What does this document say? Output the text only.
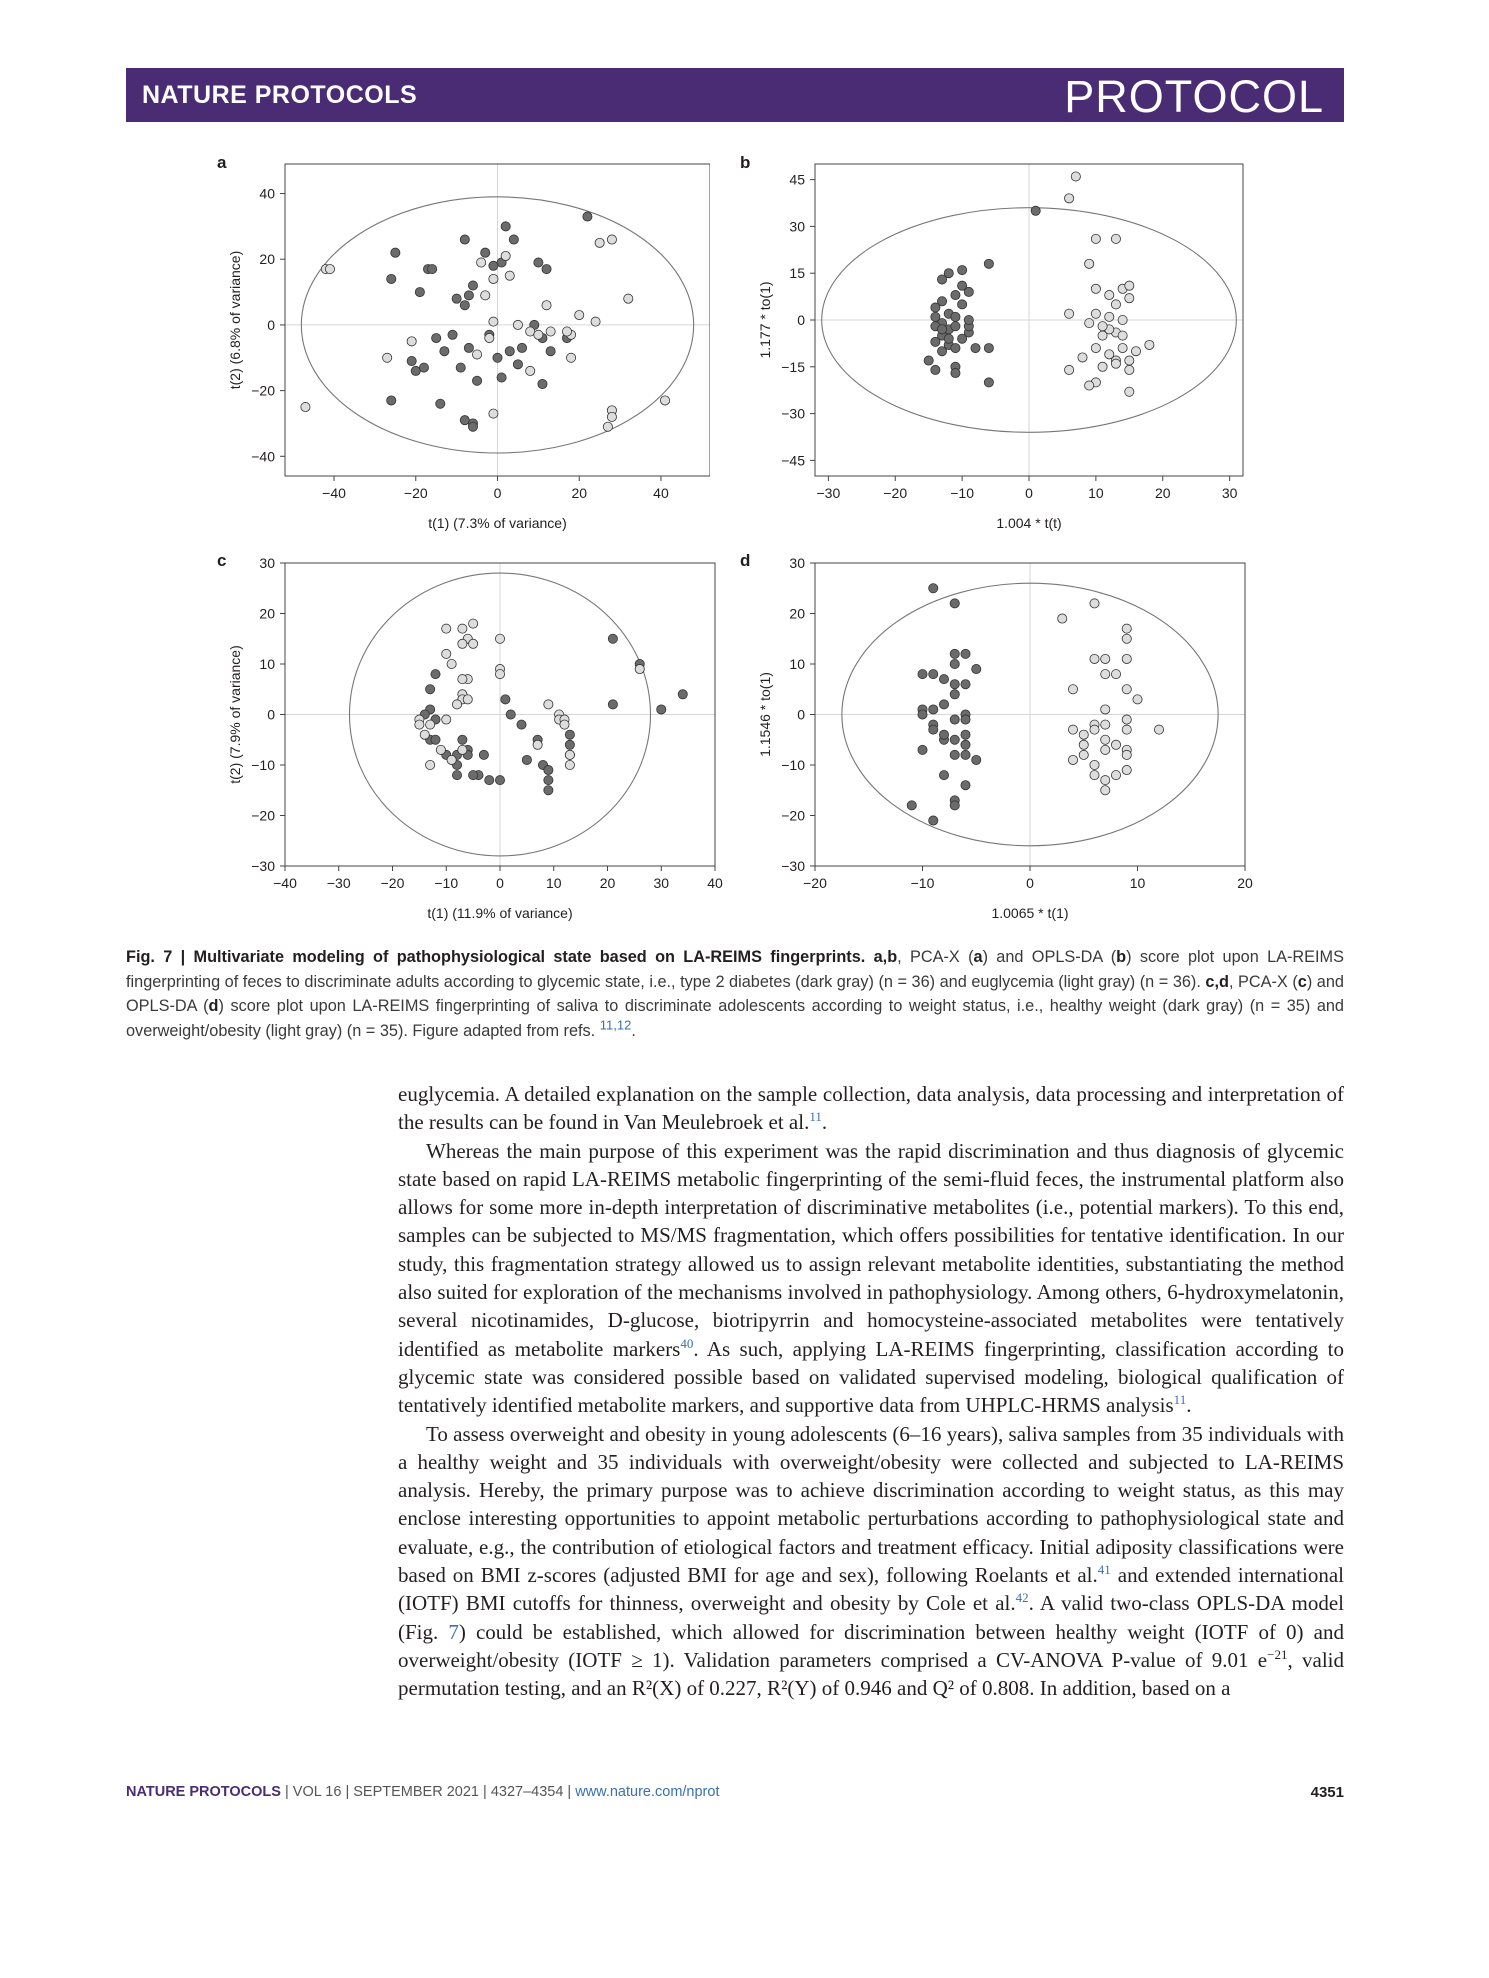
NATURE PROTOCOLS	PROTOCOL
a
−40	−20	0	20	40
−40
−20
0
20
40
t(1) (7.3% of variance)
t(2) (6.8% of variance)
b
−30	−20	−10	0	10	20	30
−45
−30
−15
0
15
30
45
1.004 * t(t)
1.177 * to(1)
c
−40 −30 −20 −10	0	10	20	30	40
−30
−20
−10
0
10
20
30
t(1) (11.9% of variance)
t(2) (7.9% of variance)
d
−20	−10	0	10	20
−30
−20
−10
0
10
20
30
1.0065 * t(1)
1.1546 * to(1)
Fig. 7 | Multivariate modeling of pathophysiological state based on LA-REIMS fingerprints. a,b, PCA-X (a) and OPLS-DA (b) score plot upon LA-REIMS fingerprinting of feces to discriminate adults according to glycemic state, i.e., type 2 diabetes (dark gray) (n = 36) and euglycemia (light gray) (n = 36). c,d, PCA-X (c) and OPLS-DA (d) score plot upon LA-REIMS fingerprinting of saliva to discriminate adolescents according to weight status, i.e., healthy weight (dark gray) (n = 35) and overweight/obesity (light gray) (n = 35). Figure adapted from refs. $^{11,12}$.

euglycemia. A detailed explanation on the sample collection, data analysis, data processing and interpretation of the results can be found in Van Meulebroek et al.$^{11}$.

Whereas the main purpose of this experiment was the rapid discrimination and thus diagnosis of glycemic state based on rapid LA-REIMS metabolic fingerprinting of the semi-fluid feces, the instrumental platform also allows for some more in-depth interpretation of discriminative metabolites (i.e., potential markers). To this end, samples can be subjected to MS/MS fragmentation, which offers possibilities for tentative identification. In our study, this fragmentation strategy allowed us to assign relevant metabolite identities, substantiating the method also suited for exploration of the mechanisms involved in pathophysiology. Among others, 6-hydroxymelatonin, several nicotinamides, D-glucose, biotripyrrin and homocysteine-associated metabolites were tentatively identified as metabolite markers$^{40}$. As such, applying LA-REIMS fingerprinting, classification according to glycemic state was considered possible based on validated supervised modeling, biological qualification of tentatively identified metabolite markers, and supportive data from UHPLC-HRMS analysis$^{11}$.

To assess overweight and obesity in young adolescents (6–16 years), saliva samples from 35 individuals with a healthy weight and 35 individuals with overweight/obesity were collected and subjected to LA-REIMS analysis. Hereby, the primary purpose was to achieve discrimination according to weight status, as this may enclose interesting opportunities to appoint metabolic perturbations according to pathophysiological state and evaluate, e.g., the contribution of etiological factors and treatment efficacy. Initial adiposity classifications were based on BMI z-scores (adjusted BMI for age and sex), following Roelants et al.$^{41}$ and extended international (IOTF) BMI cutoffs for thinness, overweight and obesity by Cole et al.$^{42}$. A valid two-class OPLS-DA model (Fig. 7) could be established, which allowed for discrimination between healthy weight (IOTF of 0) and overweight/obesity (IOTF ≥ 1). Validation parameters comprised a CV-ANOVA P-value of 9.01 $e^{-21}$, valid permutation testing, and an R²(X) of 0.227, R²(Y) of 0.946 and Q² of 0.808. In addition, based on a

NATURE PROTOCOLS | VOL 16 | SEPTEMBER 2021 | 4327–4354 | www.nature.com/nprot	4351
